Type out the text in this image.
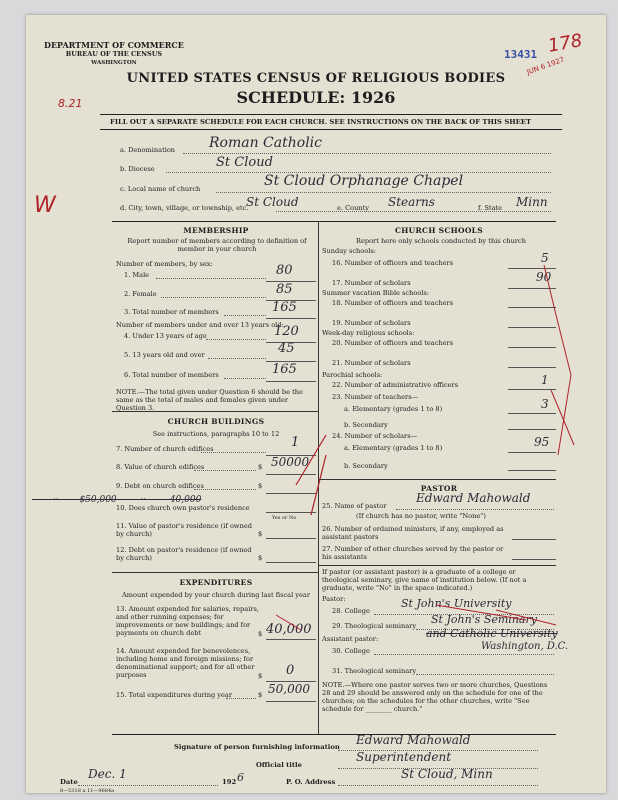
DEPARTMENT OF COMMERCE
BUREAU OF THE CENSUS
WASHINGTON
13431
JUN 6 1927
178
UNITED STATES CENSUS OF RELIGIOUS BODIES
SCHEDULE: 1926
8.21
FILL OUT A SEPARATE SCHEDULE FOR EACH CHURCH. SEE INSTRUCTIONS ON THE BACK OF THIS SHEET
a. Denomination Roman Catholic
b. Diocese	St Cloud
c. Local name of church	St Cloud Orphanage Chapel
W	d. City, town, village, or township, etc.
St Cloud	e. County Stearns	f. State Minn
MEMBERSHIP
Report number of members according to definition of member in your church
Number of members, by sex:
1. Male	80
2. Female	85
3. Total number of members	165
Number of members under and over 13 years old:
4. Under 13 years of age	120
5. 13 years old and over	45
6. Total number of members	165
NOTE.—The total given under Question 6 should be the same as the total of males and females given under Question 3.
CHURCH BUILDINGS
See instructions, paragraphs 10 to 12
7. Number of church edifices	1
8. Value of church edifices	$ 50000
9. Debt on church edifices	$
—— ·· ——$50,000 —— ·· —— 40,000
10. Does church own pastor's residence
Yes or No
11. Value of pastor's residence (if owned by church)	$
12. Debt on pastor's residence (if owned by church)	$
EXPENDITURES
Amount expended by your church during last fiscal year
13. Amount expended for salaries, repairs, and other running expenses; for improvements or new buildings; and for payments on church debt	$ 40,000
14. Amount expended for benevolences, including home and foreign missions; for denominational support; and for all other purposes	$ 0
15. Total expenditures during year	$ 50,000
CHURCH SCHOOLS
Report here only schools conducted by this church
Sunday schools:
16. Number of officers and teachers	5
17. Number of scholars	90
Summer vacation Bible schools:
18. Number of officers and teachers
19. Number of scholars
Week-day religious schools:
20. Number of officers and teachers
21. Number of scholars
Parochial schools:
22. Number of administrative officers	1
23. Number of teachers—
a. Elementary (grades 1 to 8)	3
b. Secondary
24. Number of scholars—
a. Elementary (grades 1 to 8)	95
b. Secondary
PASTOR
25. Name of pastor
Edward Mahowald
(If church has no pastor, write "None")
26. Number of ordained ministers, if any, employed as assistant pastors
27. Number of other churches served by the pastor or his assistants
If pastor (or assistant pastor) is a graduate of a college or theological seminary, give name of institution below. (If not a graduate, write "No" in the space indicated.)
Pastor:
28. College
St John's University
29. Theological seminary St John's Seminary
Assistant pastor:
30. College
and Catholic University
Washington, D.C.
31. Theological seminary
NOTE.—Where one pastor serves two or more churches, Questions 28 and 29 should be answered only on the schedule for one of the churches; on the schedules for the other churches, write "See schedule for ________ church."
Signature of person furnishing information Edward Mahowald
Official title
Superintendent
Date
Dec. 1
192 6	P. O. Address
St Cloud, Minn
8—5318 a 11—9684a
